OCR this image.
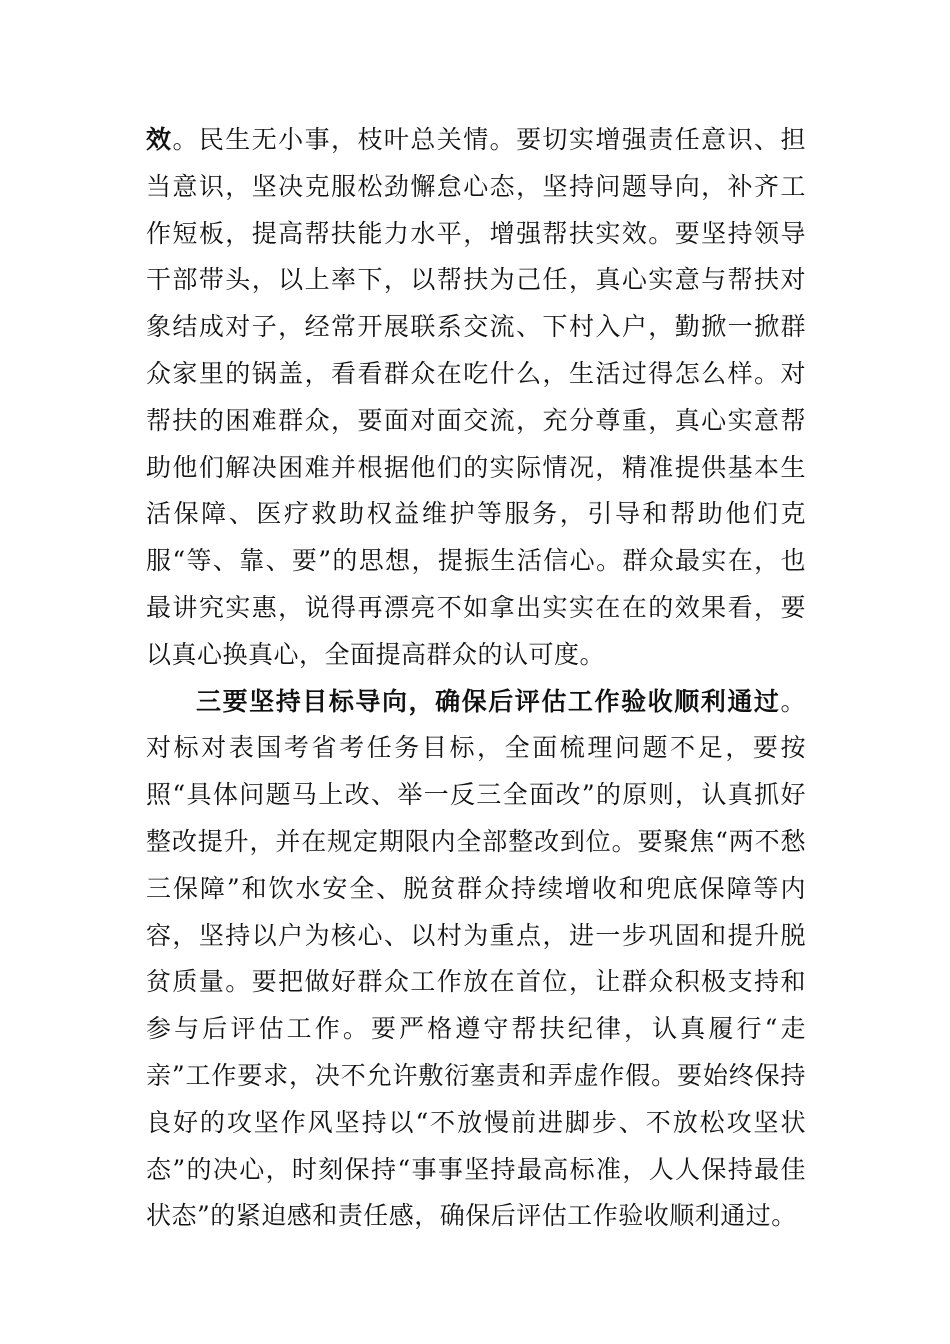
效。民生无小事，枝叶总关情。要切实增强责任意识、担当意识，坚决克服松劲懈怠心态，坚持问题导向，补齐工作短板，提高帮扶能力水平，增强帮扶实效。要坚持领导干部带头，以上率下，以帮扶为己任，真心实意与帮扶对象结成对子，经常开展联系交流、下村入户，勤掀一掀群众家里的锅盖，看看群众在吃什么，生活过得怎么样。对帮扶的困难群众，要面对面交流，充分尊重，真心实意帮助他们解决困难并根据他们的实际情况，精准提供基本生活保障、医疗救助权益维护等服务，引导和帮助他们克服“等、靠、要”的思想，提振生活信心。群众最实在，也最讲究实惠，说得再漂亮不如拿出实实在在的效果看，要以真心换真心，全面提高群众的认可度。

三要坚持目标导向，确保后评估工作验收顺利通过。对标对表国考省考任务目标，全面梳理问题不足，要按照“具体问题马上改、举一反三全面改”的原则，认真抓好整改提升，并在规定期限内全部整改到位。要聚焦“两不愁三保障”和饮水安全、脱贫群众持续增收和兜底保障等内容，坚持以户为核心、以村为重点，进一步巩固和提升脱贫质量。要把做好群众工作放在首位，让群众积极支持和参与后评估工作。要严格遵守帮扶纪律，认真履行“走亲”工作要求，决不允许敷衍塞责和弄虚作假。要始终保持良好的攻坚作风坚持以“不放慢前进脚步、不放松攻坚状态”的决心，时刻保持“事事坚持最高标准，人人保持最佳状态”的紧迫感和责任感，确保后评估工作验收顺利通过。
